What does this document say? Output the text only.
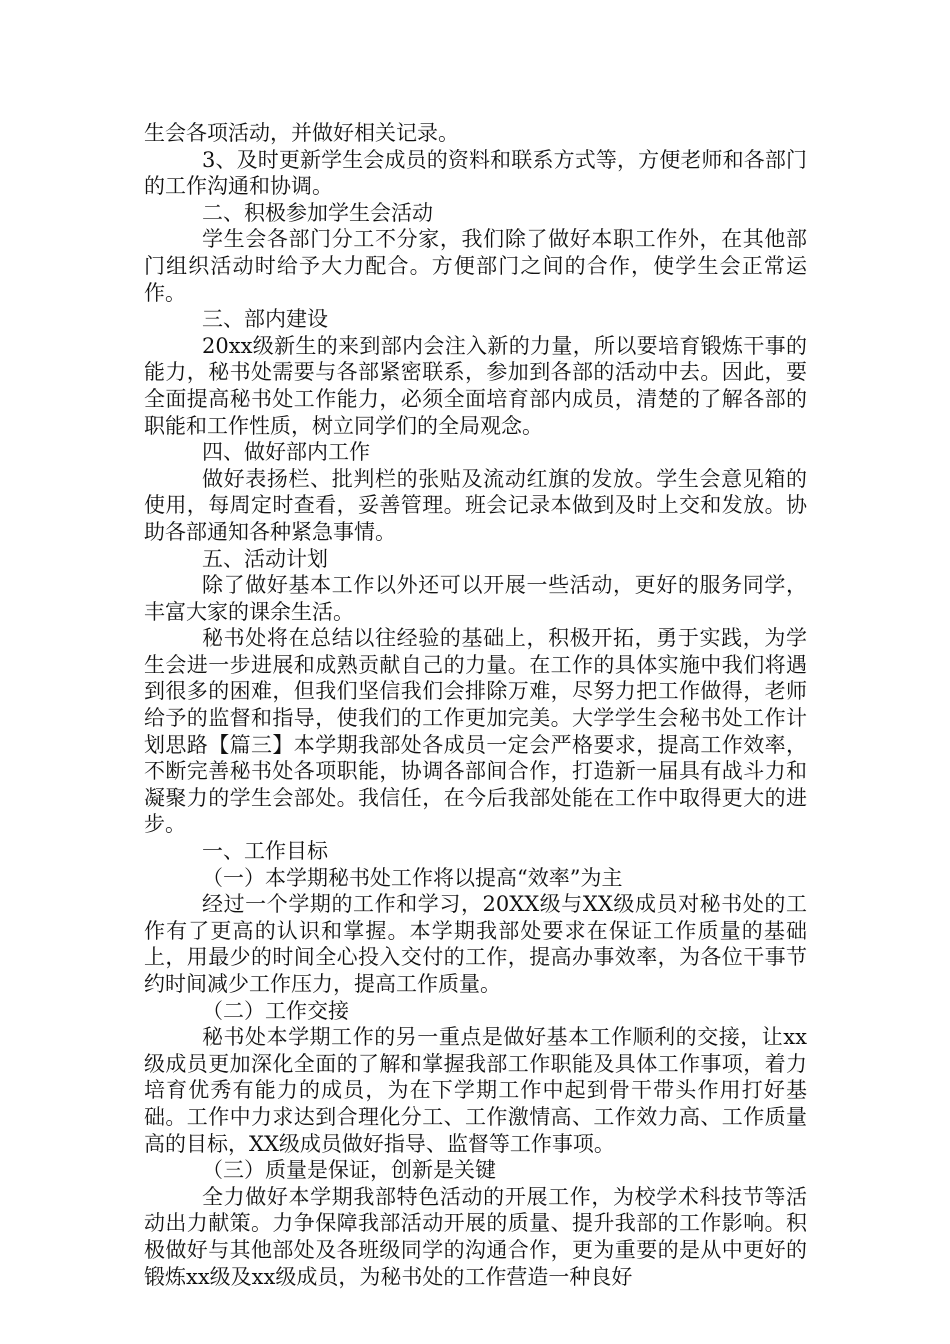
生会各项活动，并做好相关记录。

3、及时更新学生会成员的资料和联系方式等，方便老师和各部门的工作沟通和协调。

二、积极参加学生会活动

学生会各部门分工不分家，我们除了做好本职工作外，在其他部门组织活动时给予大力配合。方便部门之间的合作，使学生会正常运作。

三、部内建设

20xx级新生的来到部内会注入新的力量，所以要培育锻炼干事的能力，秘书处需要与各部紧密联系，参加到各部的活动中去。因此，要全面提高秘书处工作能力，必须全面培育部内成员，清楚的了解各部的职能和工作性质，树立同学们的全局观念。

四、做好部内工作

做好表扬栏、批判栏的张贴及流动红旗的发放。学生会意见箱的使用，每周定时查看，妥善管理。班会记录本做到及时上交和发放。协助各部通知各种紧急事情。

五、活动计划

除了做好基本工作以外还可以开展一些活动，更好的服务同学，丰富大家的课余生活。

秘书处将在总结以往经验的基础上，积极开拓，勇于实践，为学生会进一步进展和成熟贡献自己的力量。在工作的具体实施中我们将遇到很多的困难，但我们坚信我们会排除万难，尽努力把工作做得，老师给予的监督和指导，使我们的工作更加完美。大学学生会秘书处工作计划思路【篇三】本学期我部处各成员一定会严格要求，提高工作效率，不断完善秘书处各项职能，协调各部间合作，打造新一届具有战斗力和凝聚力的学生会部处。我信任，在今后我部处能在工作中取得更大的进步。

一、工作目标

（一）本学期秘书处工作将以提高“效率”为主

经过一个学期的工作和学习，20XX级与XX级成员对秘书处的工作有了更高的认识和掌握。本学期我部处要求在保证工作质量的基础上，用最少的时间全心投入交付的工作，提高办事效率，为各位干事节约时间减少工作压力，提高工作质量。

（二）工作交接

秘书处本学期工作的另一重点是做好基本工作顺利的交接，让xx级成员更加深化全面的了解和掌握我部工作职能及具体工作事项，着力培育优秀有能力的成员，为在下学期工作中起到骨干带头作用打好基础。工作中力求达到合理化分工、工作激情高、工作效力高、工作质量高的目标，XX级成员做好指导、监督等工作事项。

（三）质量是保证，创新是关键

全力做好本学期我部特色活动的开展工作，为校学术科技节等活动出力献策。力争保障我部活动开展的质量、提升我部的工作影响。积极做好与其他部处及各班级同学的沟通合作，更为重要的是从中更好的锻炼xx级及xx级成员，为秘书处的工作营造一种良好
